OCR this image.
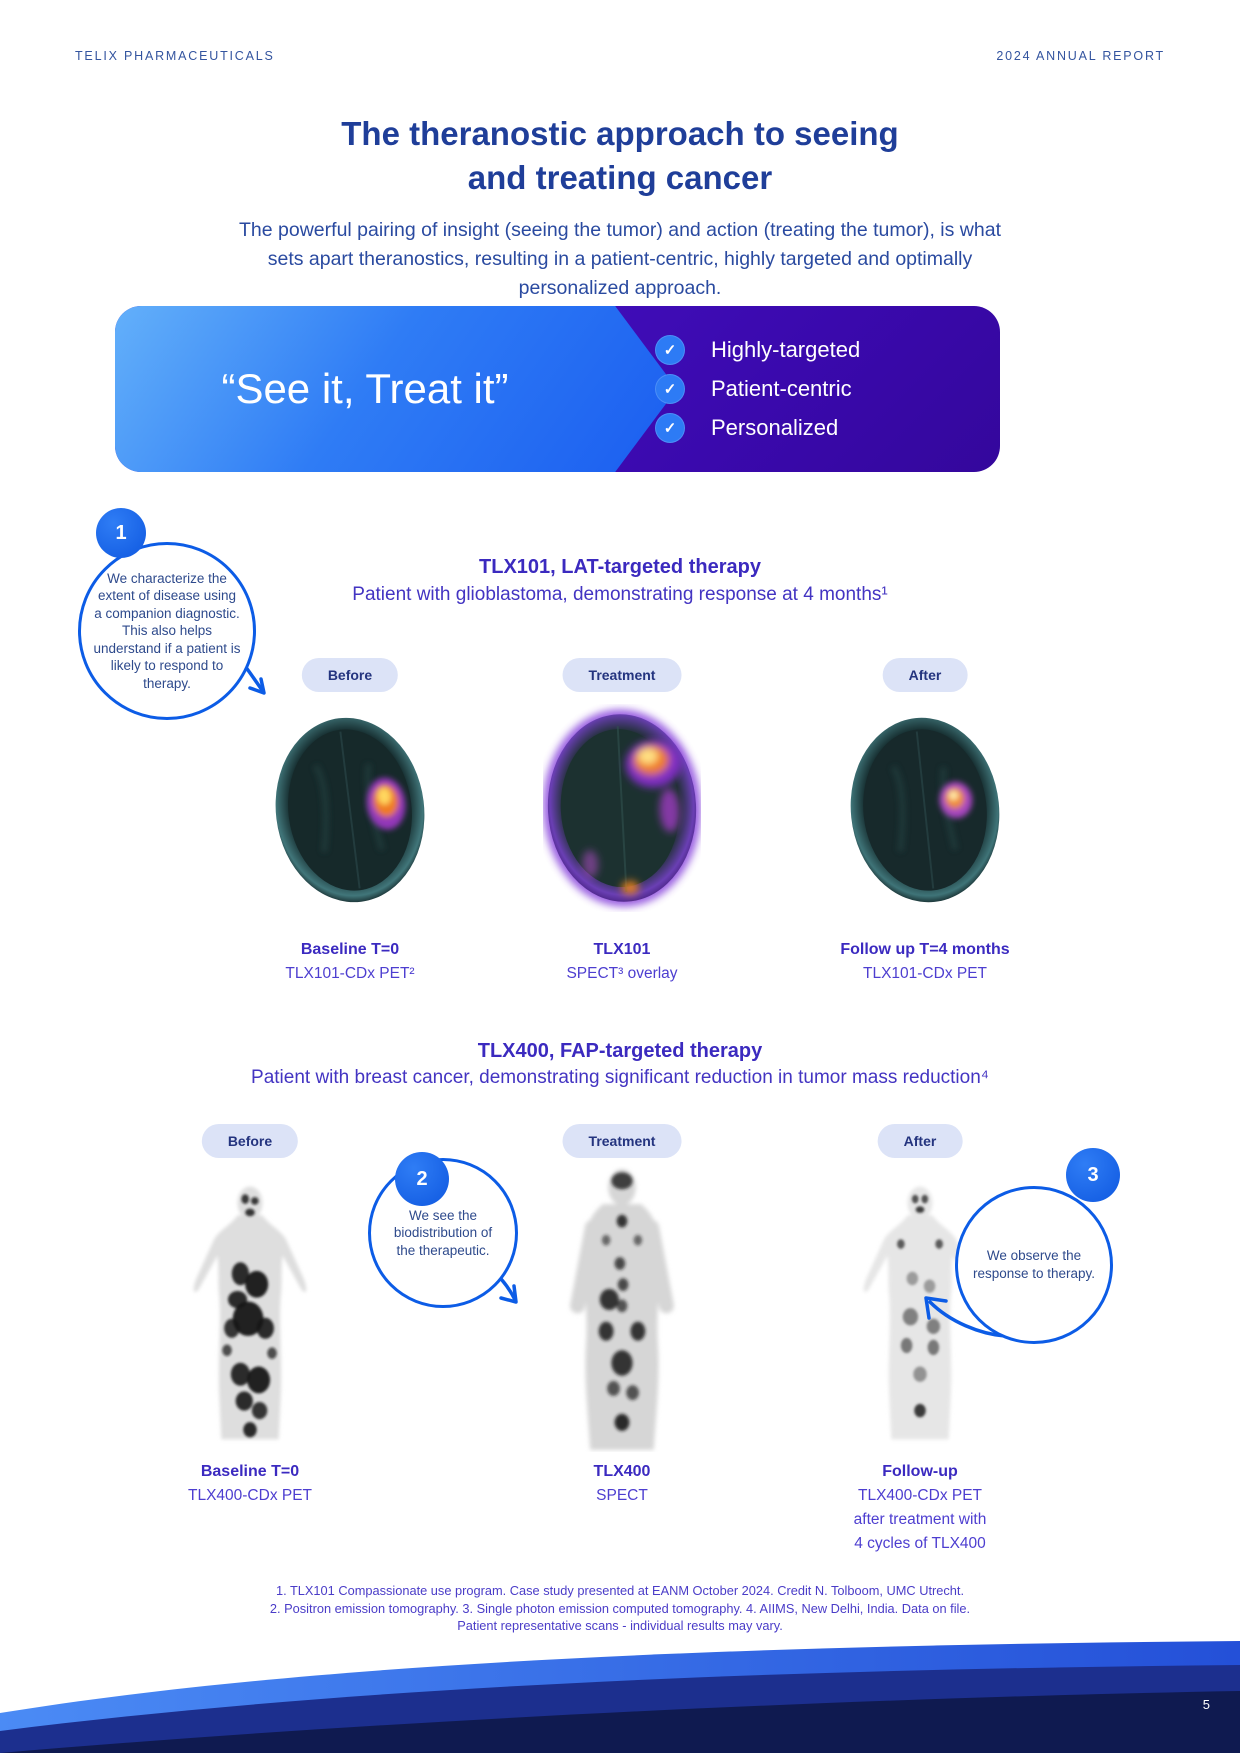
TELIX PHARMACEUTICALS	2024 ANNUAL REPORT
The theranostic approach to seeing
and treating cancer
The powerful pairing of insight (seeing the tumor) and action (treating the tumor), is what sets apart theranostics, resulting in a patient-centric, highly targeted and optimally personalized approach.
“See it, Treat it”
✓	Highly-targeted
✓	Patient-centric
✓	Personalized
TLX101, LAT-targeted therapy
Patient with glioblastoma, demonstrating response at 4 months¹
We characterize the extent of disease using a companion diagnostic. This also helps understand if a patient is likely to respond to therapy.
1
Before	Treatment	After
Baseline T=0
TLX101-CDx PET²
TLX101
SPECT³ overlay
Follow up T=4 months
TLX101-CDx PET
TLX400, FAP-targeted therapy
Patient with breast cancer, demonstrating significant reduction in tumor mass reduction⁴
Before	Treatment	After
We see the biodistribution of the therapeutic.
2
We observe the response to therapy.
3
Baseline T=0
TLX400-CDx PET
TLX400
SPECT
Follow-up
TLX400-CDx PET
after treatment with
4 cycles of TLX400
1. TLX101 Compassionate use program. Case study presented at EANM October 2024. Credit N. Tolboom, UMC Utrecht.
2. Positron emission tomography. 3. Single photon emission computed tomography. 4. AIIMS, New Delhi, India. Data on file.
Patient representative scans - individual results may vary.
5
